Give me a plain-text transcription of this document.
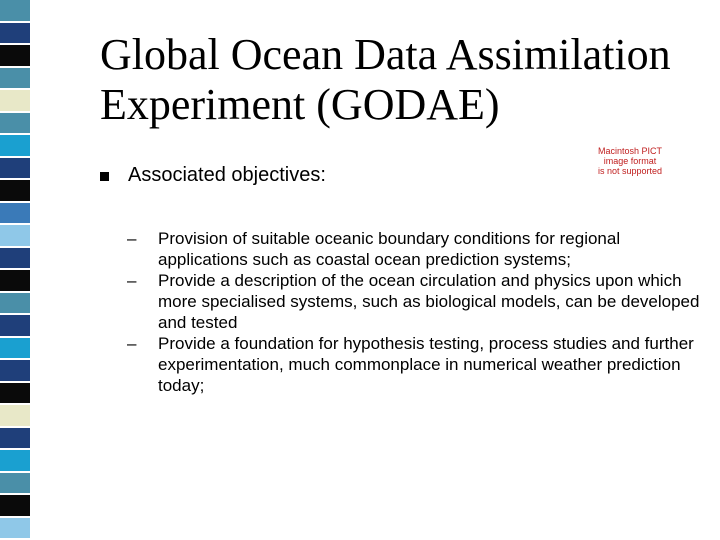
Global Ocean Data Assimilation
Experiment (GODAE)
Associated objectives:
Macintosh PICT
image format
is not supported
– Provision of suitable oceanic boundary conditions for regional applications such as coastal ocean prediction systems;
– Provide a description of the ocean circulation and physics upon which more specialised systems, such as biological models, can be developed and tested
– Provide a foundation for hypothesis testing, process studies and further experimentation, much commonplace in numerical weather prediction today;
